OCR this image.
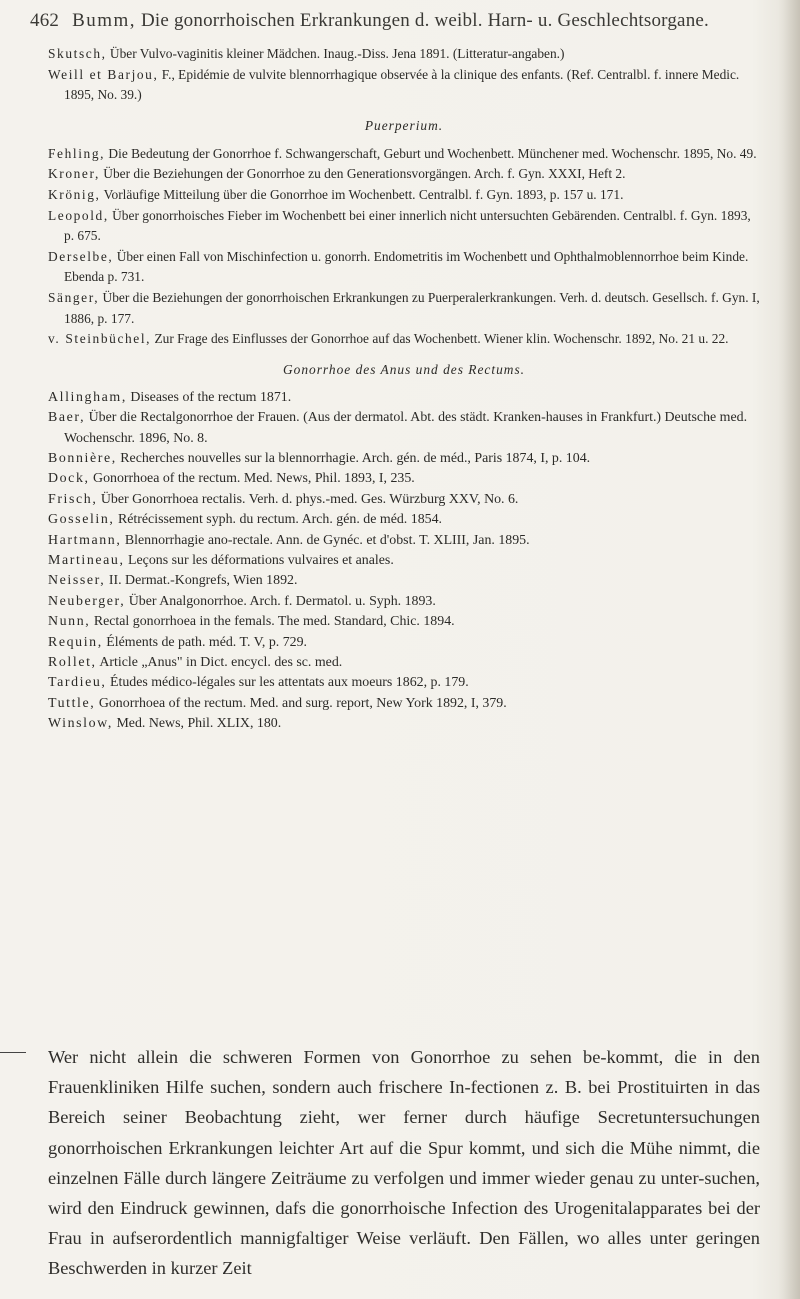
462 Bumm, Die gonorrhoischen Erkrankungen d. weibl. Harn- u. Geschlechtsorgane.

Skutsch, Über Vulvo-vaginitis kleiner Mädchen. Inaug.-Diss. Jena 1891. (Litteratur-angaben.)

Weill et Barjou, F., Epidémie de vulvite blennorrhagique observée à la clinique des enfants. (Ref. Centralbl. f. innere Medic. 1895, No. 39.)

Puerperium.

Fehling, Die Bedeutung der Gonorrhoe f. Schwangerschaft, Geburt und Wochenbett. Münchener med. Wochenschr. 1895, No. 49.

Kroner, Über die Beziehungen der Gonorrhoe zu den Generationsvorgängen. Arch. f. Gyn. XXXI, Heft 2.

Krönig, Vorläufige Mitteilung über die Gonorrhoe im Wochenbett. Centralbl. f. Gyn. 1893, p. 157 u. 171.

Leopold, Über gonorrhoisches Fieber im Wochenbett bei einer innerlich nicht untersuchten Gebärenden. Centralbl. f. Gyn. 1893, p. 675.

Derselbe, Über einen Fall von Mischinfection u. gonorrh. Endometritis im Wochenbett und Ophthalmoblennorrhoe beim Kinde. Ebenda p. 731.

Sänger, Über die Beziehungen der gonorrhoischen Erkrankungen zu Puerperalerkrankungen. Verh. d. deutsch. Gesellsch. f. Gyn. I, 1886, p. 177.

v. Steinbüchel, Zur Frage des Einflusses der Gonorrhoe auf das Wochenbett. Wiener klin. Wochenschr. 1892, No. 21 u. 22.

Gonorrhoe des Anus und des Rectums.

Allingham, Diseases of the rectum 1871.

Baer, Über die Rectalgonorrhoe der Frauen. (Aus der dermatol. Abt. des städt. Kranken-hauses in Frankfurt.) Deutsche med. Wochenschr. 1896, No. 8.

Bonnière, Recherches nouvelles sur la blennorrhagie. Arch. gén. de méd., Paris 1874, I, p. 104.

Dock, Gonorrhoea of the rectum. Med. News, Phil. 1893, I, 235.

Frisch, Über Gonorrhoea rectalis. Verh. d. phys.-med. Ges. Würzburg XXV, No. 6.

Gosselin, Rétrécissement syph. du rectum. Arch. gén. de méd. 1854.

Hartmann, Blennorrhagie ano-rectale. Ann. de Gynéc. et d'obst. T. XLIII, Jan. 1895.

Martineau, Leçons sur les déformations vulvaires et anales.

Neisser, II. Dermat.-Kongrefs, Wien 1892.

Neuberger, Über Analgonorrhoe. Arch. f. Dermatol. u. Syph. 1893.

Nunn, Rectal gonorrhoea in the femals. The med. Standard, Chic. 1894.

Requin, Éléments de path. méd. T. V, p. 729.

Rollet, Article „Anus" in Dict. encycl. des sc. med.

Tardieu, Études médico-légales sur les attentats aux moeurs 1862, p. 179.

Tuttle, Gonorrhoea of the rectum. Med. and surg. report, New York 1892, I, 379.

Winslow, Med. News, Phil. XLIX, 180.

Wer nicht allein die schweren Formen von Gonorrhoe zu sehen be-kommt, die in den Frauenkliniken Hilfe suchen, sondern auch frischere In-fectionen z. B. bei Prostituirten in das Bereich seiner Beobachtung zieht, wer ferner durch häufige Secretuntersuchungen gonorrhoischen Erkrankungen leichter Art auf die Spur kommt, und sich die Mühe nimmt, die einzelnen Fälle durch längere Zeiträume zu verfolgen und immer wieder genau zu unter-suchen, wird den Eindruck gewinnen, dafs die gonorrhoische Infection des Urogenitalapparates bei der Frau in aufserordentlich mannigfaltiger Weise verläuft. Den Fällen, wo alles unter geringen Beschwerden in kurzer Zeit
